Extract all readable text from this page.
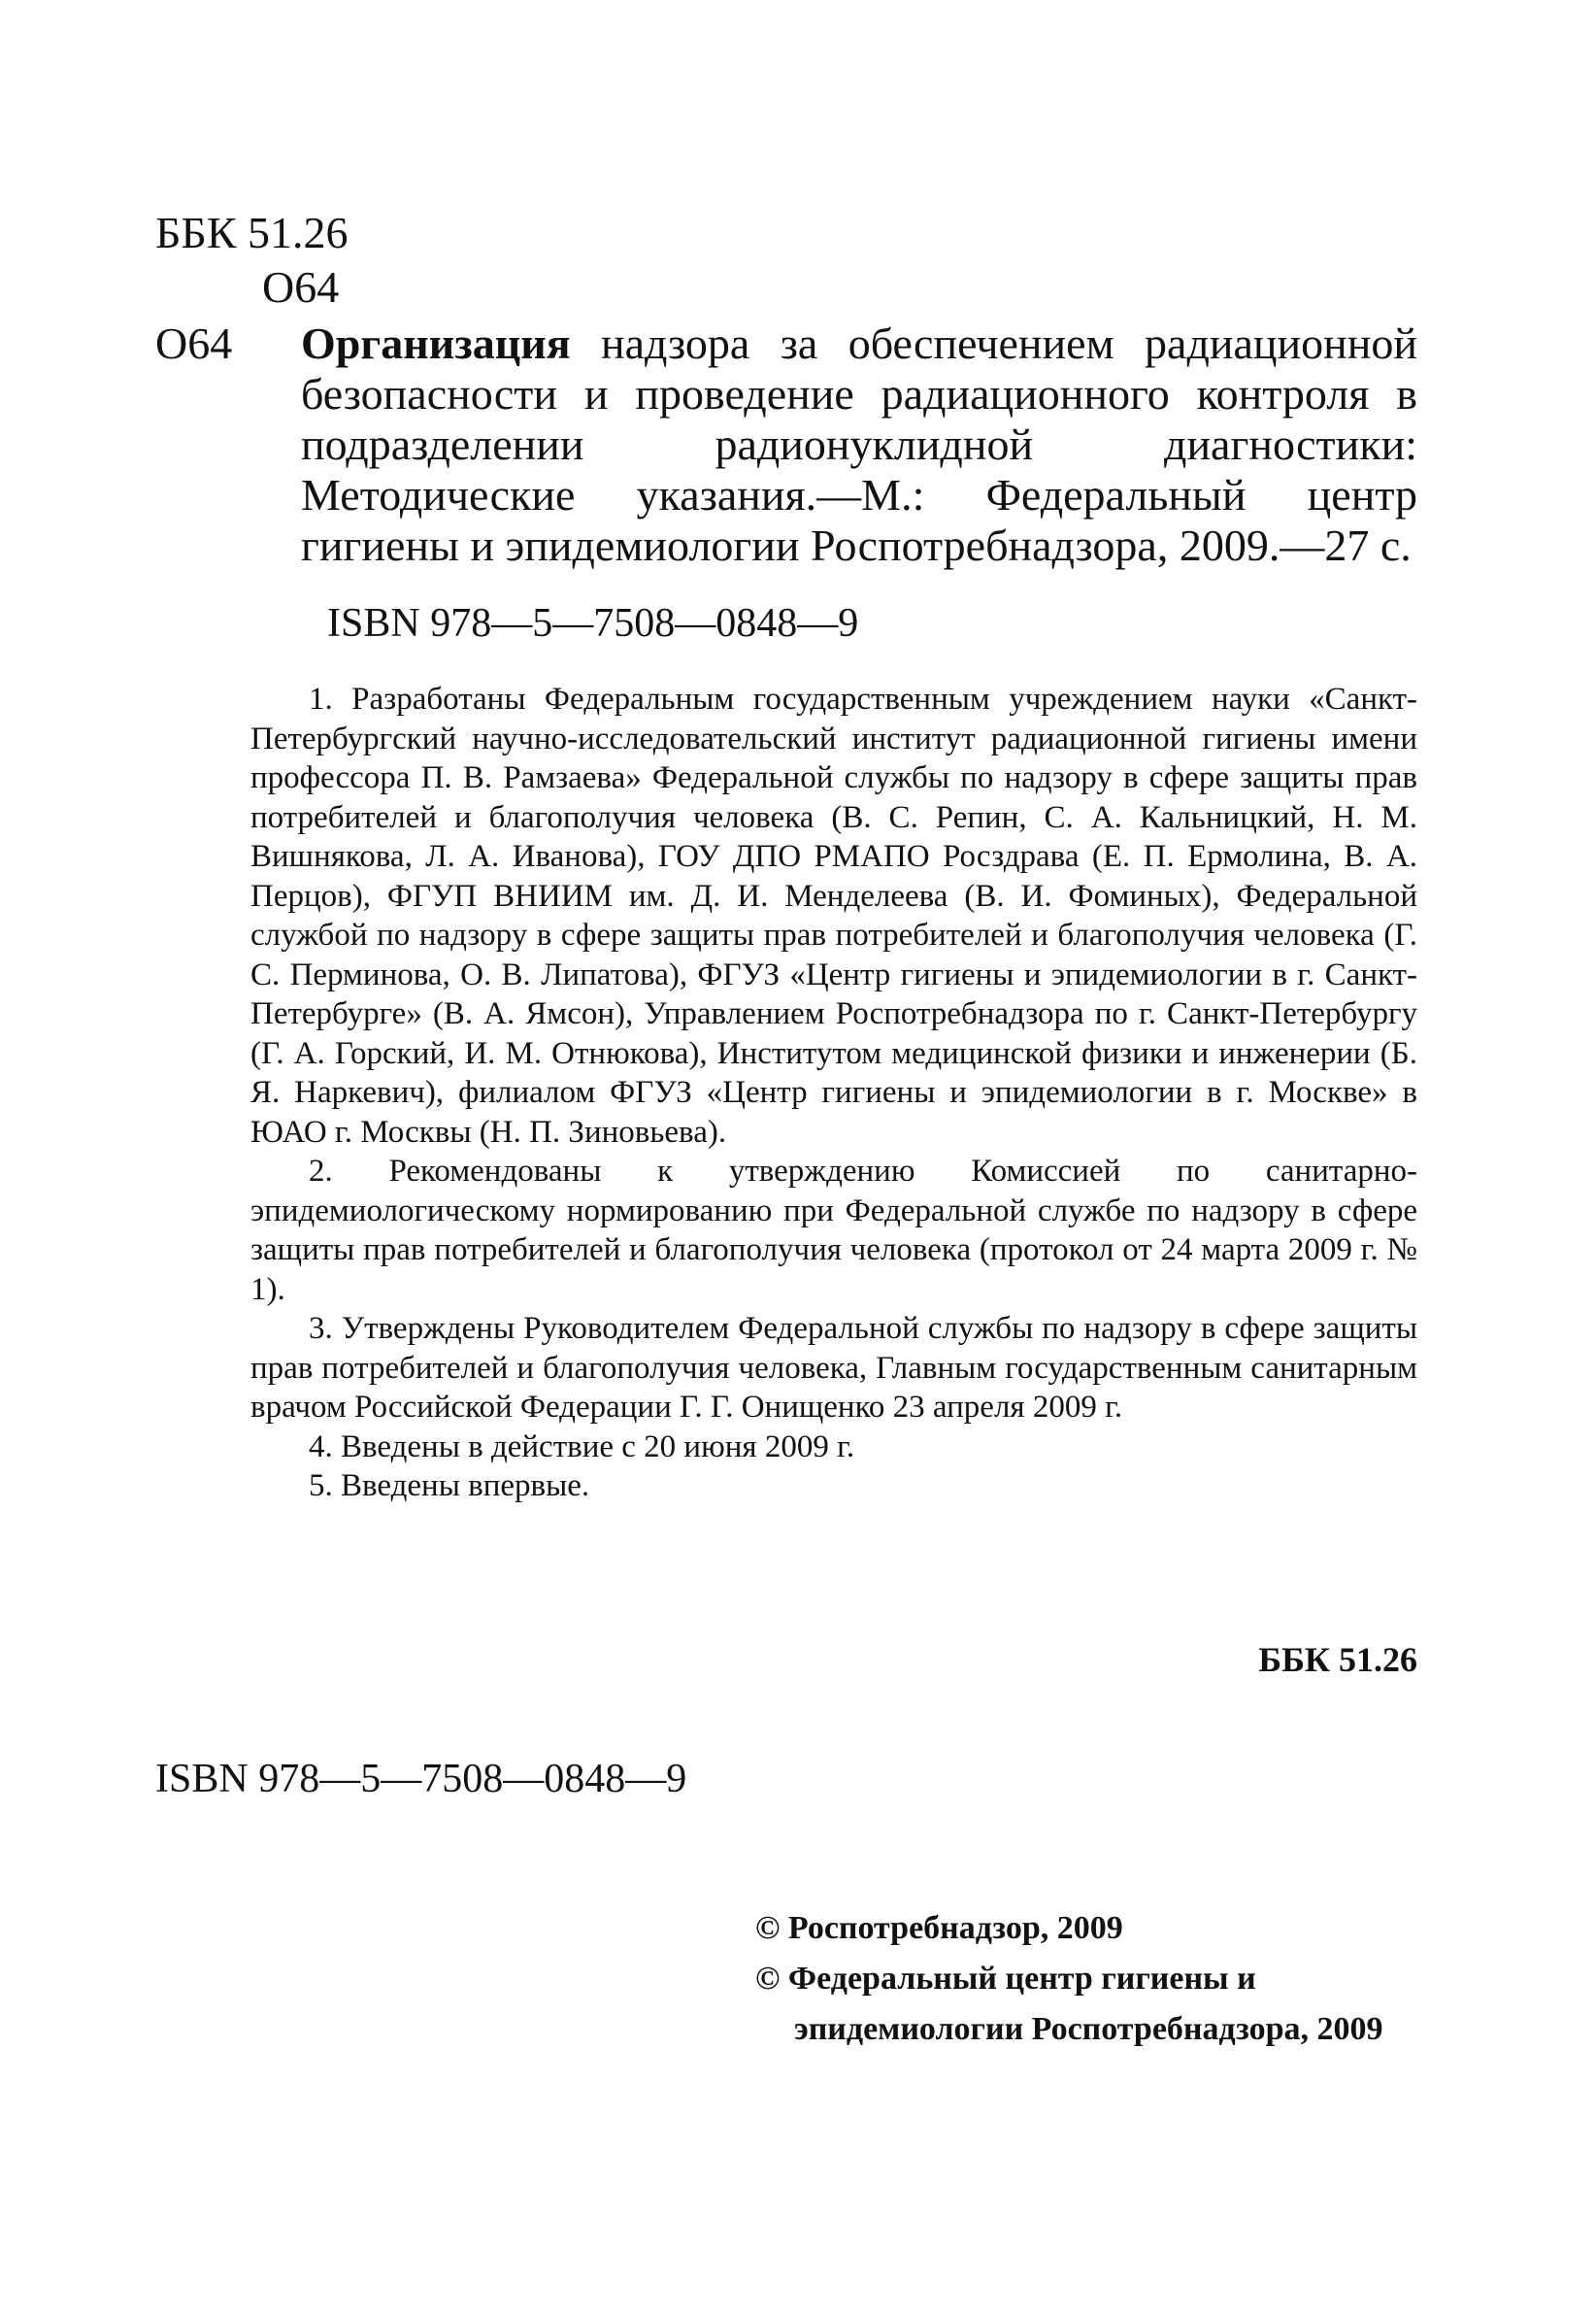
ББК 51.26
О64
О64 Организация надзора за обеспечением радиационной безопасности и проведение радиационного контроля в подразделении радионуклидной диагностики: Методические указания.—М.: Федеральный центр гигиены и эпидемиологии Роспотребнадзора, 2009.—27 с.
ISBN 978—5—7508—0848—9

1. Разработаны Федеральным государственным учреждением науки «Санкт-Петербургский научно-исследовательский институт радиационной гигиены имени профессора П. В. Рамзаева» Федеральной службы по надзору в сфере защиты прав потребителей и благополучия человека (В. С. Репин, С. А. Кальницкий, Н. М. Вишнякова, Л. А. Иванова), ГОУ ДПО РМАПО Росздрава (Е. П. Ермолина, В. А. Перцов), ФГУП ВНИИМ им. Д. И. Менделеева (В. И. Фоминых), Федеральной службой по надзору в сфере защиты прав потребителей и благополучия человека (Г. С. Перминова, О. В. Липатова), ФГУЗ «Центр гигиены и эпидемиологии в г. Санкт-Петербурге» (В. А. Ямсон), Управлением Роспотребнадзора по г. Санкт-Петербургу (Г. А. Горский, И. М. Отнюкова), Институтом медицинской физики и инженерии (Б. Я. Наркевич), филиалом ФГУЗ «Центр гигиены и эпидемиологии в г. Москве» в ЮАО г. Москвы (Н. П. Зиновьева).

2. Рекомендованы к утверждению Комиссией по санитарно-эпидемиологическому нормированию при Федеральной службе по надзору в сфере защиты прав потребителей и благополучия человека (протокол от 24 марта 2009 г. № 1).

3. Утверждены Руководителем Федеральной службы по надзору в сфере защиты прав потребителей и благополучия человека, Главным государственным санитарным врачом Российской Федерации Г. Г. Онищенко 23 апреля 2009 г.

4. Введены в действие с 20 июня 2009 г.

5. Введены впервые.

ББК 51.26
ISBN 978—5—7508—0848—9
© Роспотребнадзор, 2009
© Федеральный центр гигиены и
эпидемиологии Роспотребнадзора, 2009
